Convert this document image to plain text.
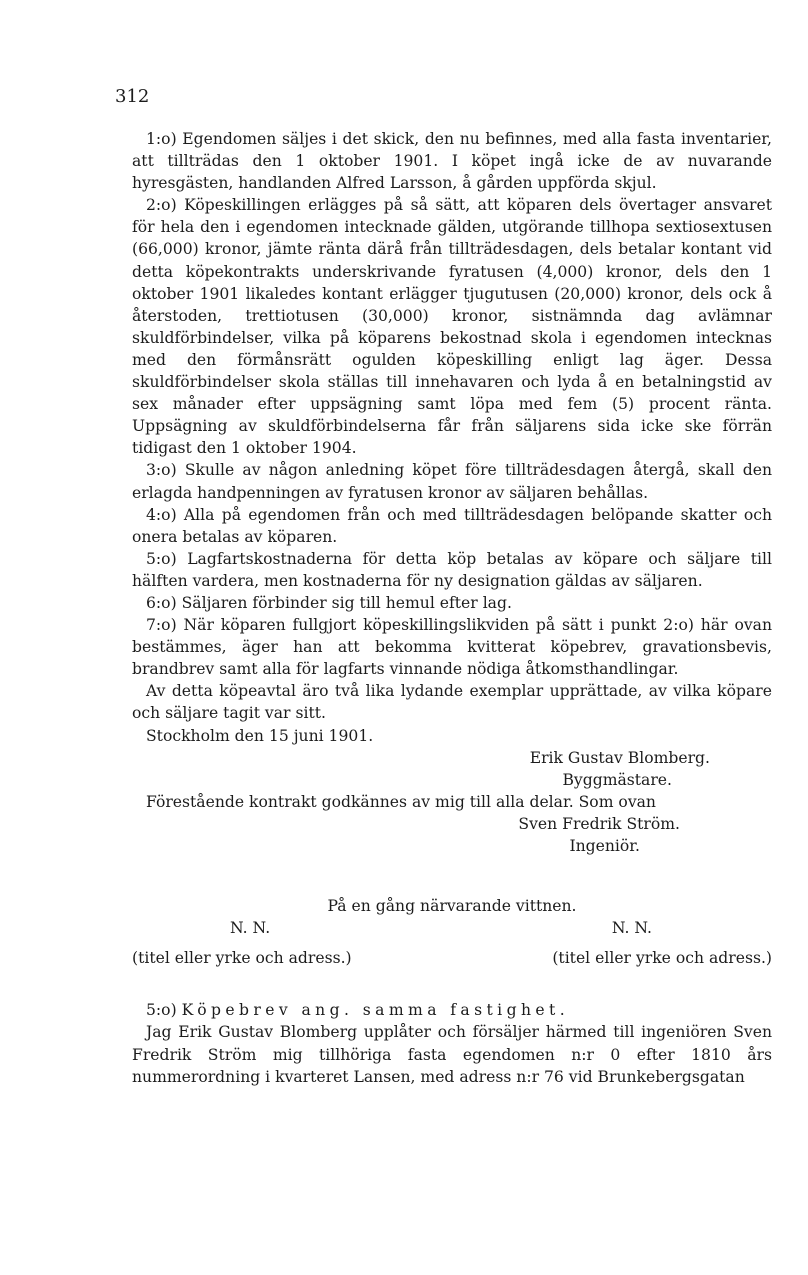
312

1:o) Egendomen säljes i det skick, den nu befinnes, med alla fasta inventarier, att tillträdas den 1 oktober 1901. I köpet ingå icke de av nuvarande hyresgästen, handlanden Alfred Larsson, å gården uppförda skjul.

2:o) Köpeskillingen erlägges på så sätt, att köparen dels övertager ansvaret för hela den i egendomen intecknade gälden, utgörande tillhopa sextiosextusen (66,000) kronor, jämte ränta därå från tillträdesdagen, dels betalar kontant vid detta köpekontrakts underskrivande fyratusen (4,000) kronor, dels den 1 oktober 1901 likaledes kontant erlägger tjugutusen (20,000) kronor, dels ock å återstoden, trettiotusen (30,000) kronor, sistnämnda dag avlämnar skuldförbindelser, vilka på köparens bekostnad skola i egendomen intecknas med den förmånsrätt ogulden köpeskilling enligt lag äger. Dessa skuldförbindelser skola ställas till innehavaren och lyda å en betalningstid av sex månader efter uppsägning samt löpa med fem (5) procent ränta. Uppsägning av skuldförbindelserna får från säljarens sida icke ske förrän tidigast den 1 oktober 1904.

3:o) Skulle av någon anledning köpet före tillträdesdagen återgå, skall den erlagda handpenningen av fyratusen kronor av säljaren behållas.

4:o) Alla på egendomen från och med tillträdesdagen belöpande skatter och onera betalas av köparen.

5:o) Lagfartskostnaderna för detta köp betalas av köpare och säljare till hälften vardera, men kostnaderna för ny designation gäldas av säljaren.

6:o) Säljaren förbinder sig till hemul efter lag.

7:o) När köparen fullgjort köpeskillingslikviden på sätt i punkt 2:o) här ovan bestämmes, äger han att bekomma kvitterat köpebrev, gravationsbevis, brandbrev samt alla för lagfarts vinnande nödiga åtkomsthandlingar.

Av detta köpeavtal äro två lika lydande exemplar upprättade, av vilka köpare och säljare tagit var sitt.

Stockholm den 15 juni 1901.

Erik Gustav Blomberg.
Byggmästare.

Förestående kontrakt godkännes av mig till alla delar. Som ovan

Sven Fredrik Ström.
Ingeniör.
På en gång närvarande vittnen.
N. N.	N. N.
(titel eller yrke och adress.)	(titel eller yrke och adress.)
5:o) Köpebrev ang. samma fastighet.

Jag Erik Gustav Blomberg upplåter och försäljer härmed till ingeniören Sven Fredrik Ström mig tillhöriga fasta egendomen n:r 0 efter 1810 års nummerordning i kvarteret Lansen, med adress n:r 76 vid Brunkebergsgatan
